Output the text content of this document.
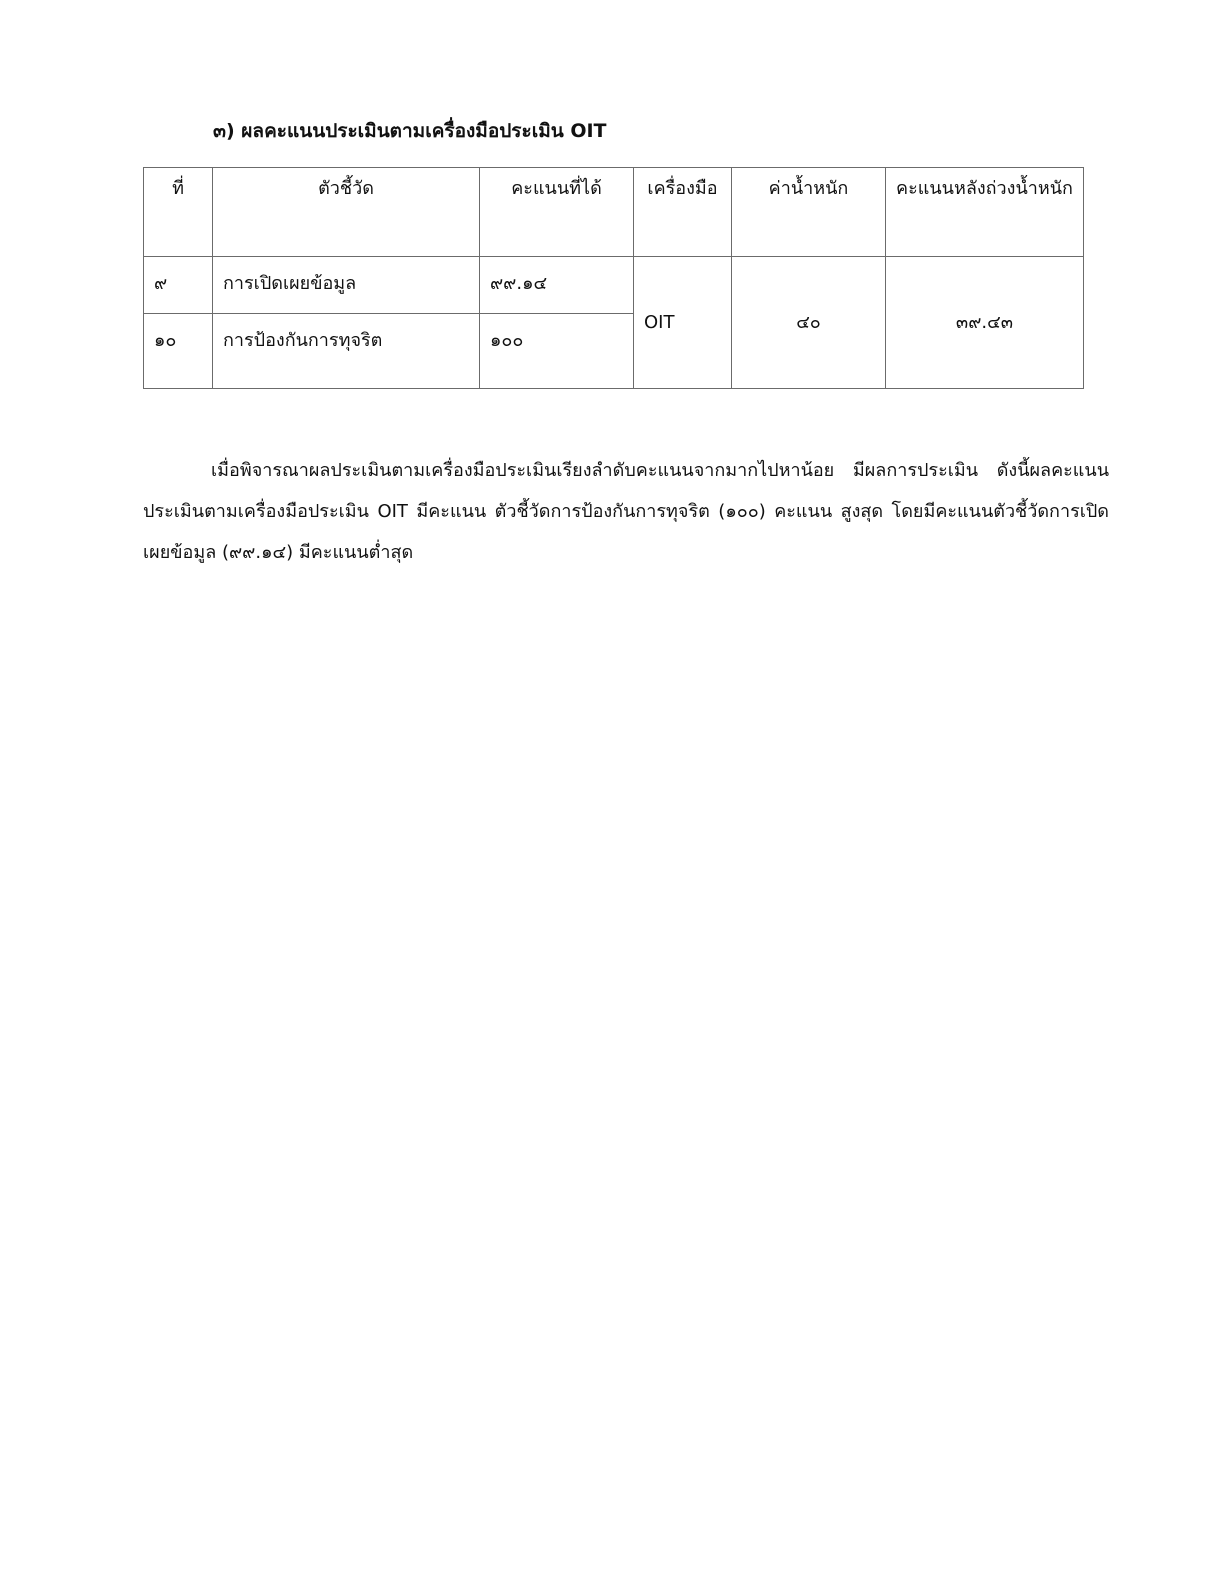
๓) ผลคะแนนประเมินตามเครื่องมือประเมิน OIT
ที่	ตัวชี้วัด	คะแนนที่ได้	เครื่องมือ	ค่าน้ำหนัก	คะแนนหลังถ่วงน้ำหนัก
๙	การเปิดเผยข้อมูล	๙๙.๑๔	OIT	๔๐	๓๙.๔๓
๑๐	การป้องกันการทุจริต	๑๐๐			
เมื่อพิจารณาผลประเมินตามเครื่องมือประเมินเรียงลำดับคะแนนจากมากไปหาน้อย มีผลการประเมิน ดังนี้ผลคะแนนประเมินตามเครื่องมือประเมิน OIT มีคะแนน ตัวชี้วัดการป้องกันการทุจริต (๑๐๐) คะแนน สูงสุด โดยมีคะแนนตัวชี้วัดการเปิดเผยข้อมูล (๙๙.๑๔) มีคะแนนต่ำสุด
